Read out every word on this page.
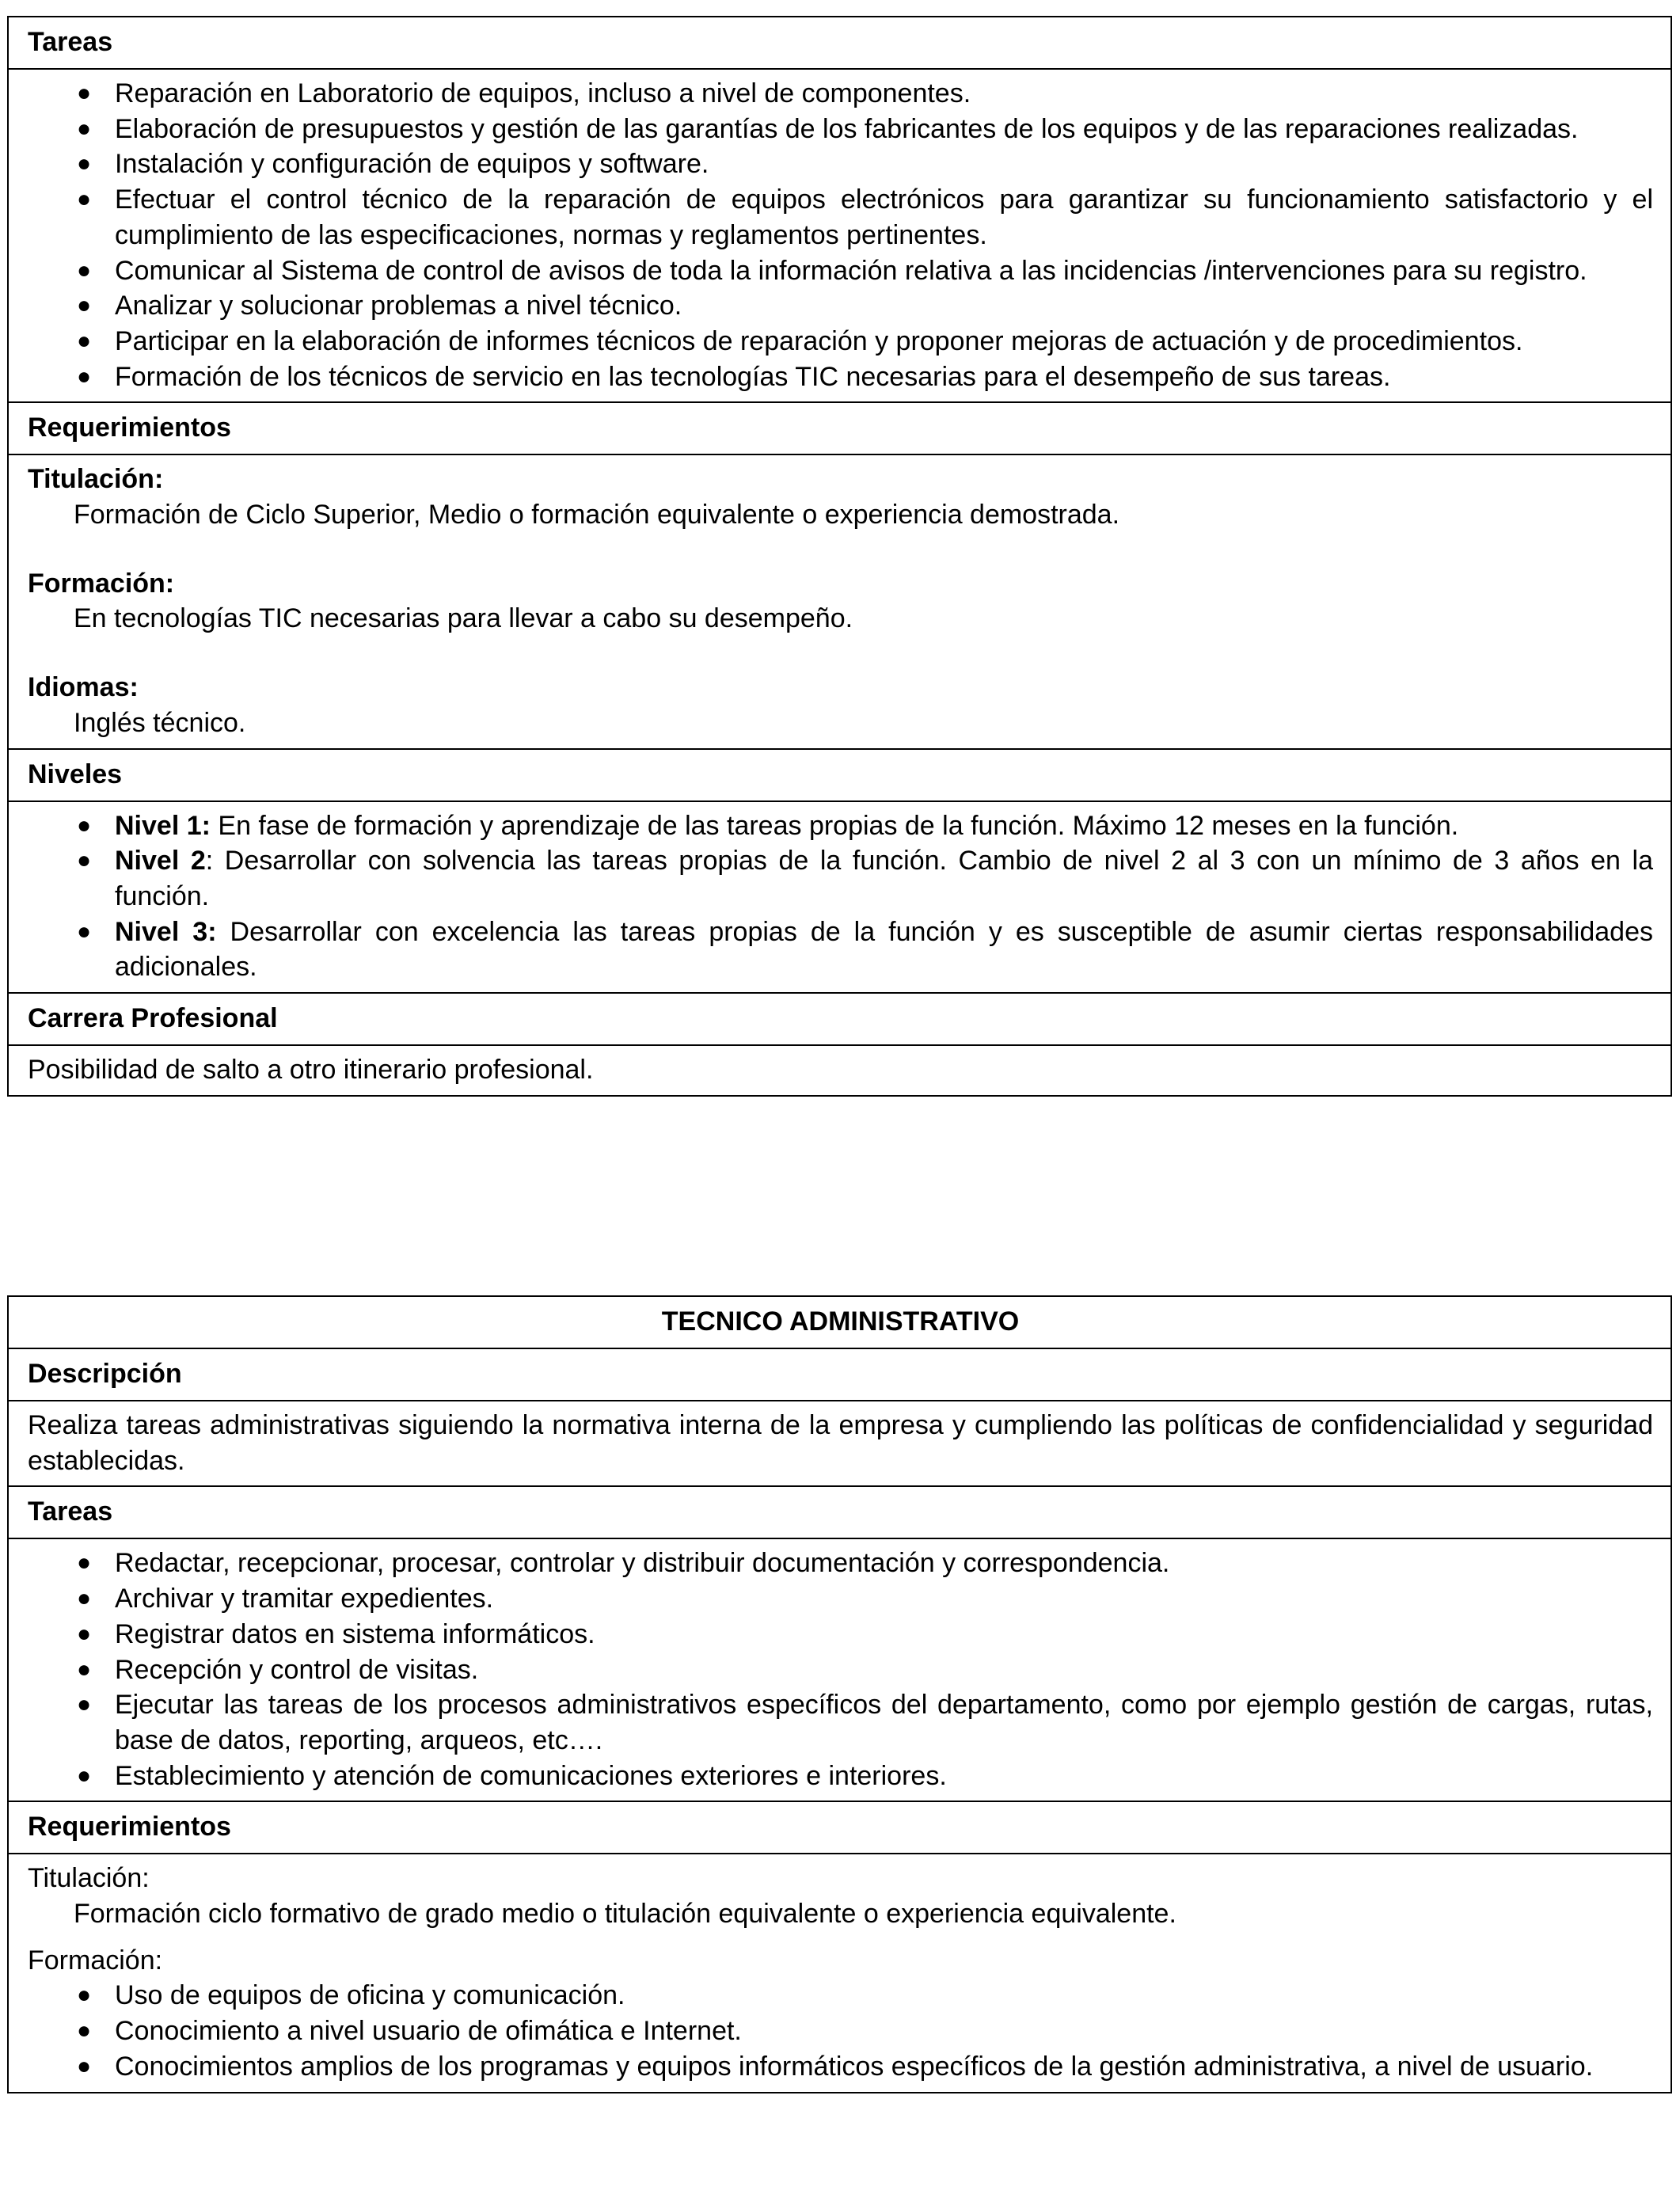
Tareas

● Reparación en Laboratorio de equipos, incluso a nivel de componentes.
● Elaboración de presupuestos y gestión de las garantías de los fabricantes de los equipos y de las reparaciones realizadas.
● Instalación y configuración de equipos y software.
● Efectuar el control técnico de la reparación de equipos electrónicos para garantizar su funcionamiento satisfactorio y el cumplimiento de las especificaciones, normas y reglamentos pertinentes.
● Comunicar al Sistema de control de avisos de toda la información relativa a las incidencias /intervenciones para su registro.
● Analizar y solucionar problemas a nivel técnico.
● Participar en la elaboración de informes técnicos de reparación y proponer mejoras de actuación y de procedimientos.
● Formación de los técnicos de servicio en las tecnologías TIC necesarias para el desempeño de sus tareas.

Requerimientos

Titulación:
Formación de Ciclo Superior, Medio o formación equivalente o experiencia demostrada.
Formación:
En tecnologías TIC necesarias para llevar a cabo su desempeño.
Idiomas:
Inglés técnico.

Niveles

● Nivel 1: En fase de formación y aprendizaje de las tareas propias de la función. Máximo 12 meses en la función.
● Nivel 2: Desarrollar con solvencia las tareas propias de la función. Cambio de nivel 2 al 3 con un mínimo de 3 años en la función.
● Nivel 3: Desarrollar con excelencia las tareas propias de la función y es susceptible de asumir ciertas responsabilidades adicionales.

Carrera Profesional
Posibilidad de salto a otro itinerario profesional.
TECNICO ADMINISTRATIVO
Descripción
Realiza tareas administrativas siguiendo la normativa interna de la empresa y cumpliendo las políticas de confidencialidad y seguridad establecidas.
Tareas

● Redactar, recepcionar, procesar, controlar y distribuir documentación y correspondencia.
● Archivar y tramitar expedientes.
● Registrar datos en sistema informáticos.
● Recepción y control de visitas.
● Ejecutar las tareas de los procesos administrativos específicos del departamento, como por ejemplo gestión de cargas, rutas, base de datos, reporting, arqueos, etc….
● Establecimiento y atención de comunicaciones exteriores e interiores.

Requerimientos

Titulación:
Formación ciclo formativo de grado medio o titulación equivalente o experiencia equivalente.
Formación:
● Uso de equipos de oficina y comunicación.
● Conocimiento a nivel usuario de ofimática e Internet.
● Conocimientos amplios de los programas y equipos informáticos específicos de la gestión administrativa, a nivel de usuario.
